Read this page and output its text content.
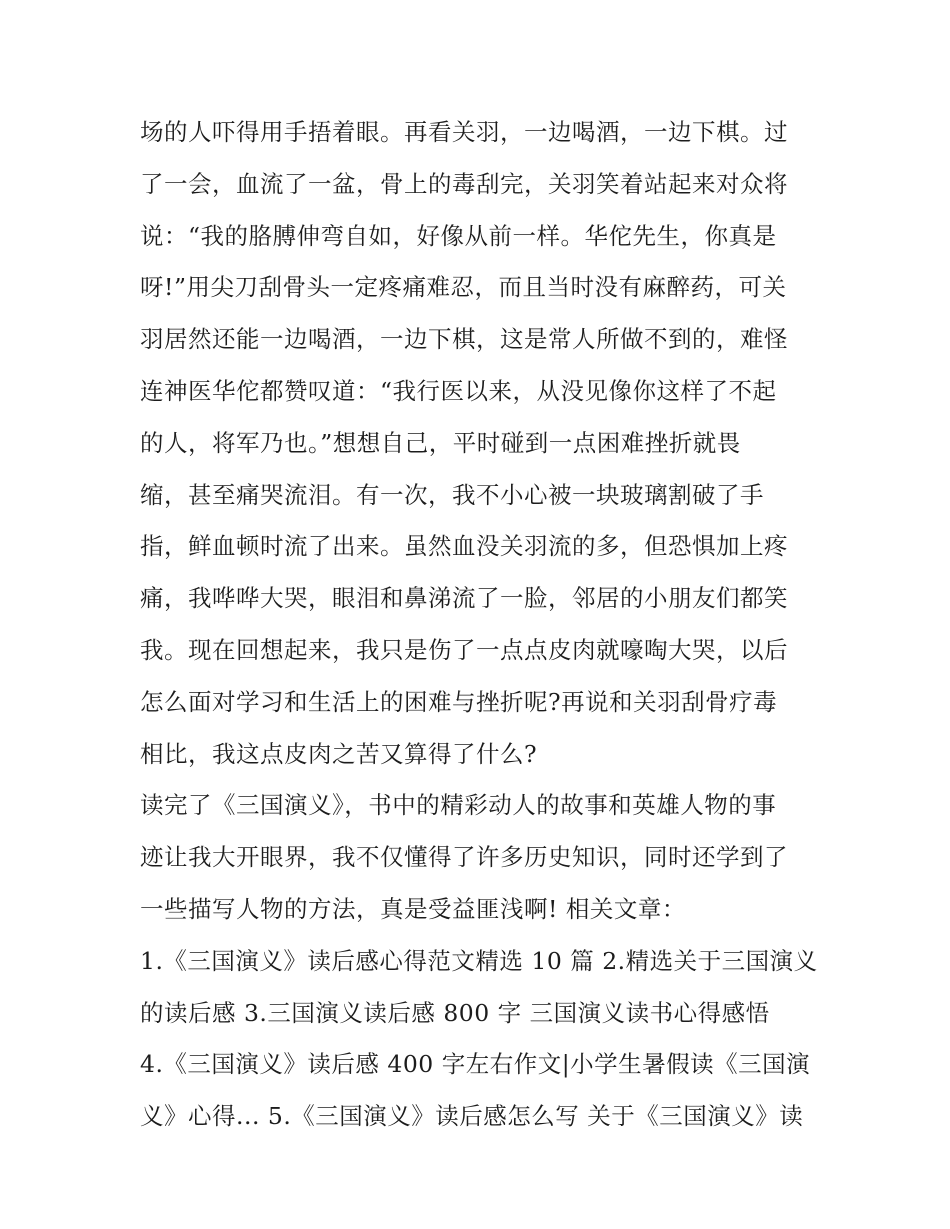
场的人吓得用手捂着眼。再看关羽，一边喝酒，一边下棋。过
了一会，血流了一盆，骨上的毒刮完，关羽笑着站起来对众将
说：“我的胳膊伸弯自如，好像从前一样。华佗先生，你真是
呀!”用尖刀刮骨头一定疼痛难忍，而且当时没有麻醉药，可关
羽居然还能一边喝酒，一边下棋，这是常人所做不到的，难怪
连神医华佗都赞叹道：“我行医以来，从没见像你这样了不起
的人，将军乃也。”想想自己，平时碰到一点困难挫折就畏
缩，甚至痛哭流泪。有一次，我不小心被一块玻璃割破了手
指，鲜血顿时流了出来。虽然血没关羽流的多，但恐惧加上疼
痛，我哗哗大哭，眼泪和鼻涕流了一脸，邻居的小朋友们都笑
我。现在回想起来，我只是伤了一点点皮肉就嚎啕大哭，以后
怎么面对学习和生活上的困难与挫折呢?再说和关羽刮骨疗毒
相比，我这点皮肉之苦又算得了什么?
读完了《三国演义》，书中的精彩动人的故事和英雄人物的事
迹让我大开眼界，我不仅懂得了许多历史知识，同时还学到了
一些描写人物的方法，真是受益匪浅啊! 相关文章：
1.《三国演义》读后感心得范文精选 10 篇 2.精选关于三国演义
的读后感 3.三国演义读后感 800 字 三国演义读书心得感悟
4.《三国演义》读后感 400 字左右作文|小学生暑假读《三国演
义》心得... 5.《三国演义》读后感怎么写 关于《三国演义》读
